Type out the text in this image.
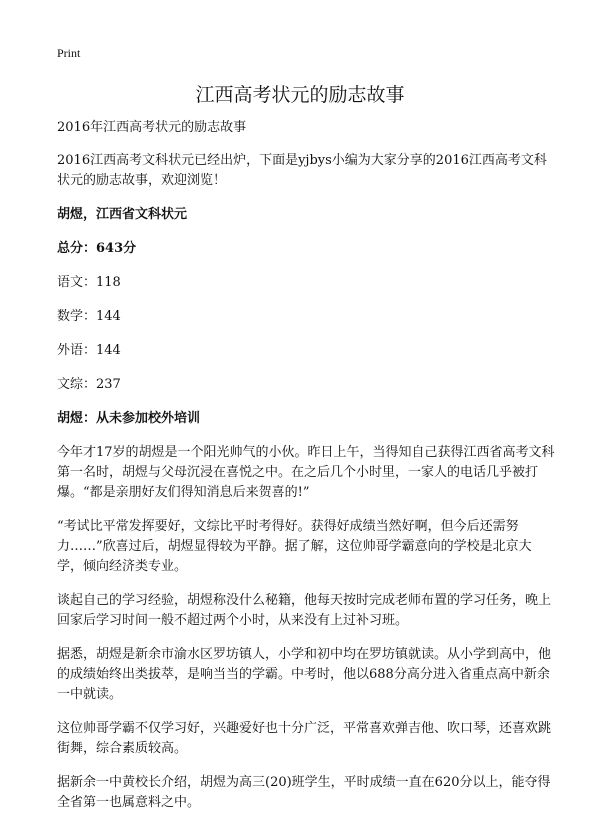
Print
江西高考状元的励志故事

2016年江西高考状元的励志故事

2016江西高考文科状元已经出炉，下面是yjbys小编为大家分享的2016江西高考文科状元的励志故事，欢迎浏览！

胡煜，江西省文科状元

总分：643分

语文：118

数学：144

外语：144

文综：237

胡煜：从未参加校外培训

今年才17岁的胡煜是一个阳光帅气的小伙。昨日上午，当得知自己获得江西省高考文科第一名时，胡煜与父母沉浸在喜悦之中。在之后几个小时里，一家人的电话几乎被打爆。“都是亲朋好友们得知消息后来贺喜的!”

“考试比平常发挥要好，文综比平时考得好。获得好成绩当然好啊，但今后还需努力……”欣喜过后，胡煜显得较为平静。据了解，这位帅哥学霸意向的学校是北京大学，倾向经济类专业。

谈起自己的学习经验，胡煜称没什么秘籍，他每天按时完成老师布置的学习任务，晚上回家后学习时间一般不超过两个小时，从来没有上过补习班。

据悉，胡煜是新余市渝水区罗坊镇人，小学和初中均在罗坊镇就读。从小学到高中，他的成绩始终出类拔萃，是响当当的学霸。中考时，他以688分高分进入省重点高中新余一中就读。

这位帅哥学霸不仅学习好，兴趣爱好也十分广泛，平常喜欢弹吉他、吹口琴，还喜欢跳街舞，综合素质较高。

据新余一中黄校长介绍，胡煜为高三(20)班学生，平时成绩一直在620分以上，能夺得全省第一也属意料之中。
